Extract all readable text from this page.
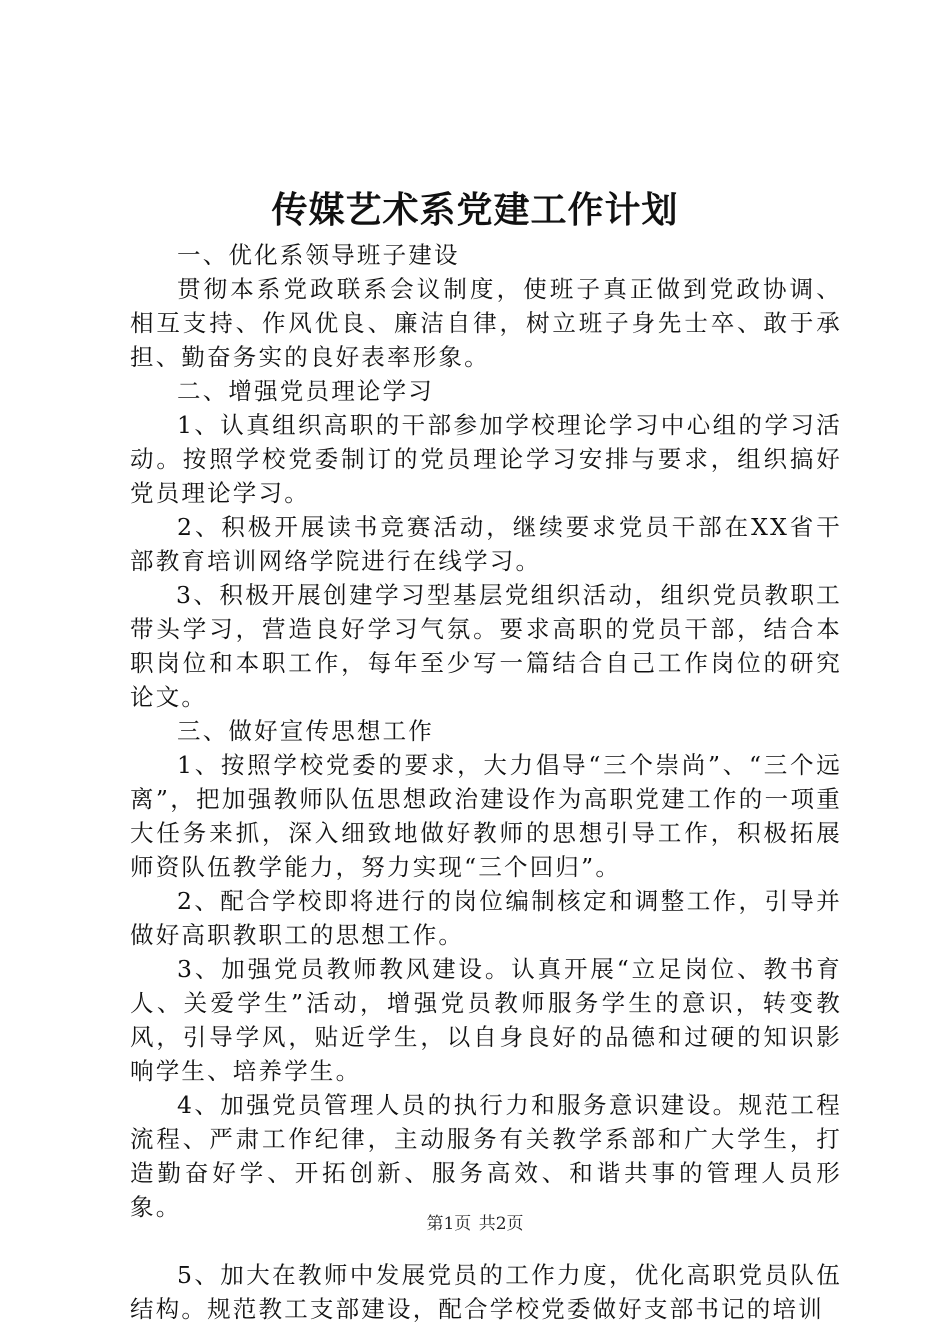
传媒艺术系党建工作计划

一、优化系领导班子建设

贯彻本系党政联系会议制度，使班子真正做到党政协调、相互支持、作风优良、廉洁自律，树立班子身先士卒、敢于承担、勤奋务实的良好表率形象。

二、增强党员理论学习

1、认真组织高职的干部参加学校理论学习中心组的学习活动。按照学校党委制订的党员理论学习安排与要求，组织搞好党员理论学习。

2、积极开展读书竞赛活动，继续要求党员干部在XX省干部教育培训网络学院进行在线学习。

3、积极开展创建学习型基层党组织活动，组织党员教职工带头学习，营造良好学习气氛。要求高职的党员干部，结合本职岗位和本职工作，每年至少写一篇结合自己工作岗位的研究论文。

三、做好宣传思想工作

1、按照学校党委的要求，大力倡导“三个崇尚”、“三个远离”，把加强教师队伍思想政治建设作为高职党建工作的一项重大任务来抓，深入细致地做好教师的思想引导工作，积极拓展师资队伍教学能力，努力实现“三个回归”。

2、配合学校即将进行的岗位编制核定和调整工作，引导并做好高职教职工的思想工作。

3、加强党员教师教风建设。认真开展“立足岗位、教书育人、关爱学生”活动，增强党员教师服务学生的意识，转变教风，引导学风，贴近学生，以自身良好的品德和过硬的知识影响学生、培养学生。

4、加强党员管理人员的执行力和服务意识建设。规范工程流程、严肃工作纪律，主动服务有关教学系部和广大学生，打造勤奋好学、开拓创新、服务高效、和谐共事的管理人员形象。

5、加大在教师中发展党员的工作力度，优化高职党员队伍结构。规范教工支部建设，配合学校党委做好支部书记的培训

第1页 共2页
